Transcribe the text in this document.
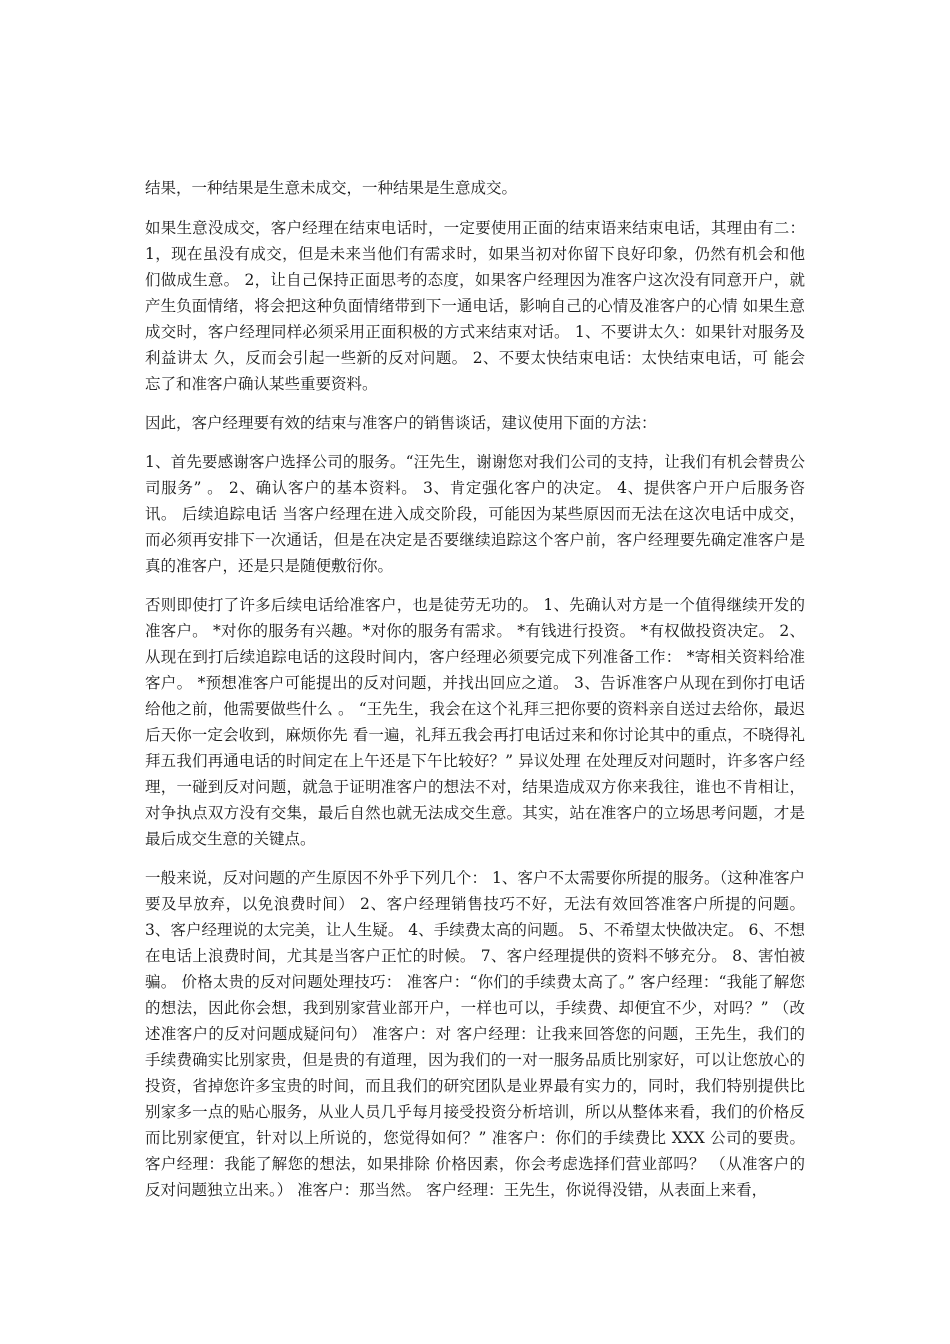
结果，一种结果是生意未成交，一种结果是生意成交。

如果生意没成交，客户经理在结束电话时，一定要使用正面的结束语来结束电话，其理由有二： 1，现在虽没有成交，但是未来当他们有需求时，如果当初对你留下良好印象，仍然有机会和他们做成生意。 2，让自己保持正面思考的态度，如果客户经理因为准客户这次没有同意开户，就产生负面情绪，将会把这种负面情绪带到下一通电话，影响自己的心情及准客户的心情 如果生意成交时，客户经理同样必须采用正面积极的方式来结束对话。 1、不要讲太久：如果针对服务及利益讲太 久，反而会引起一些新的反对问题。 2、不要太快结束电话：太快结束电话，可 能会忘了和准客户确认某些重要资料。

因此，客户经理要有效的结束与准客户的销售谈话，建议使用下面的方法：

1、首先要感谢客户选择公司的服务。“汪先生，谢谢您对我们公司的支持，让我们有机会替贵公司服务” 。 2、确认客户的基本资料。 3、肯定强化客户的决定。 4、提供客户开户后服务咨讯。 后续追踪电话 当客户经理在进入成交阶段，可能因为某些原因而无法在这次电话中成交，而必须再安排下一次通话，但是在决定是否要继续追踪这个客户前，客户经理要先确定准客户是真的准客户，还是只是随便敷衍你。

否则即使打了许多后续电话给准客户，也是徒劳无功的。 1、先确认对方是一个值得继续开发的准客户。 *对你的服务有兴趣。*对你的服务有需求。 *有钱进行投资。 *有权做投资决定。 2、从现在到打后续追踪电话的这段时间内，客户经理必须要完成下列准备工作： *寄相关资料给准客户。 *预想准客户可能提出的反对问题，并找出回应之道。 3、告诉准客户从现在到你打电话给他之前，他需要做些什么 。 “王先生，我会在这个礼拜三把你要的资料亲自送过去给你，最迟后天你一定会收到，麻烦你先 看一遍，礼拜五我会再打电话过来和你讨论其中的重点，不晓得礼拜五我们再通电话的时间定在上午还是下午比较好？” 异议处理 在处理反对问题时，许多客户经理，一碰到反对问题，就急于证明准客户的想法不对，结果造成双方你来我往，谁也不肯相让，对争执点双方没有交集，最后自然也就无法成交生意。其实，站在准客户的立场思考问题，才是最后成交生意的关键点。

一般来说，反对问题的产生原因不外乎下列几个： 1、客户不太需要你所提的服务。（这种准客户要及早放弃，以免浪费时间） 2、客户经理销售技巧不好，无法有效回答准客户所提的问题。 3、客户经理说的太完美，让人生疑。 4、手续费太高的问题。 5、不希望太快做决定。 6、不想在电话上浪费时间，尤其是当客户正忙的时候。 7、客户经理提供的资料不够充分。 8、害怕被骗。 价格太贵的反对问题处理技巧： 准客户：“你们的手续费太高了。” 客户经理：“我能了解您的想法，因此你会想，我到别家营业部开户，一样也可以，手续费、却便宜不少，对吗？” （改述准客户的反对问题成疑问句） 准客户：对 客户经理：让我来回答您的问题，王先生，我们的手续费确实比别家贵，但是贵的有道理，因为我们的一对一服务品质比别家好，可以让您放心的投资，省掉您许多宝贵的时间，而且我们的研究团队是业界最有实力的，同时，我们特别提供比别家多一点的贴心服务，从业人员几乎每月接受投资分析培训，所以从整体来看，我们的价格反而比别家便宜，针对以上所说的，您觉得如何？” 准客户：你们的手续费比 XXX 公司的要贵。 客户经理：我能了解您的想法，如果排除 价格因素，你会考虑选择们营业部吗？ （从准客户的反对问题独立出来。） 准客户：那当然。 客户经理：王先生，你说得没错，从表面上来看，
